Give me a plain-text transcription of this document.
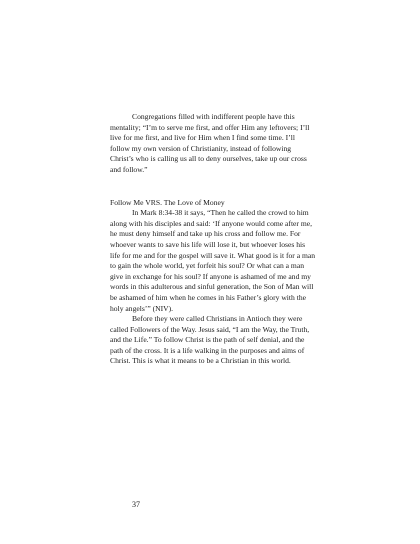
Congregations filled with indifferent people have this mentality; “I’m to serve me first, and offer Him any leftovers; I’ll live for me first, and live for Him when I find some time. I’ll follow my own version of Christianity, instead of following Christ’s who is calling us all to deny ourselves, take up our cross and follow.”

Follow Me VRS. The Love of Money

In Mark 8:34-38 it says, “Then he called the crowd to him along with his disciples and said: ‘If anyone would come after me, he must deny himself and take up his cross and follow me. For whoever wants to save his life will lose it, but whoever loses his life for me and for the gospel will save it. What good is it for a man to gain the whole world, yet forfeit his soul? Or what can a man give in exchange for his soul? If anyone is ashamed of me and my words in this adulterous and sinful generation, the Son of Man will be ashamed of him when he comes in his Father’s glory with the holy angels’” (NIV).

Before they were called Christians in Antioch they were called Followers of the Way. Jesus said, “I am the Way, the Truth, and the Life.” To follow Christ is the path of self denial, and the path of the cross. It is a life walking in the purposes and aims of Christ. This is what it means to be a Christian in this world.

37
